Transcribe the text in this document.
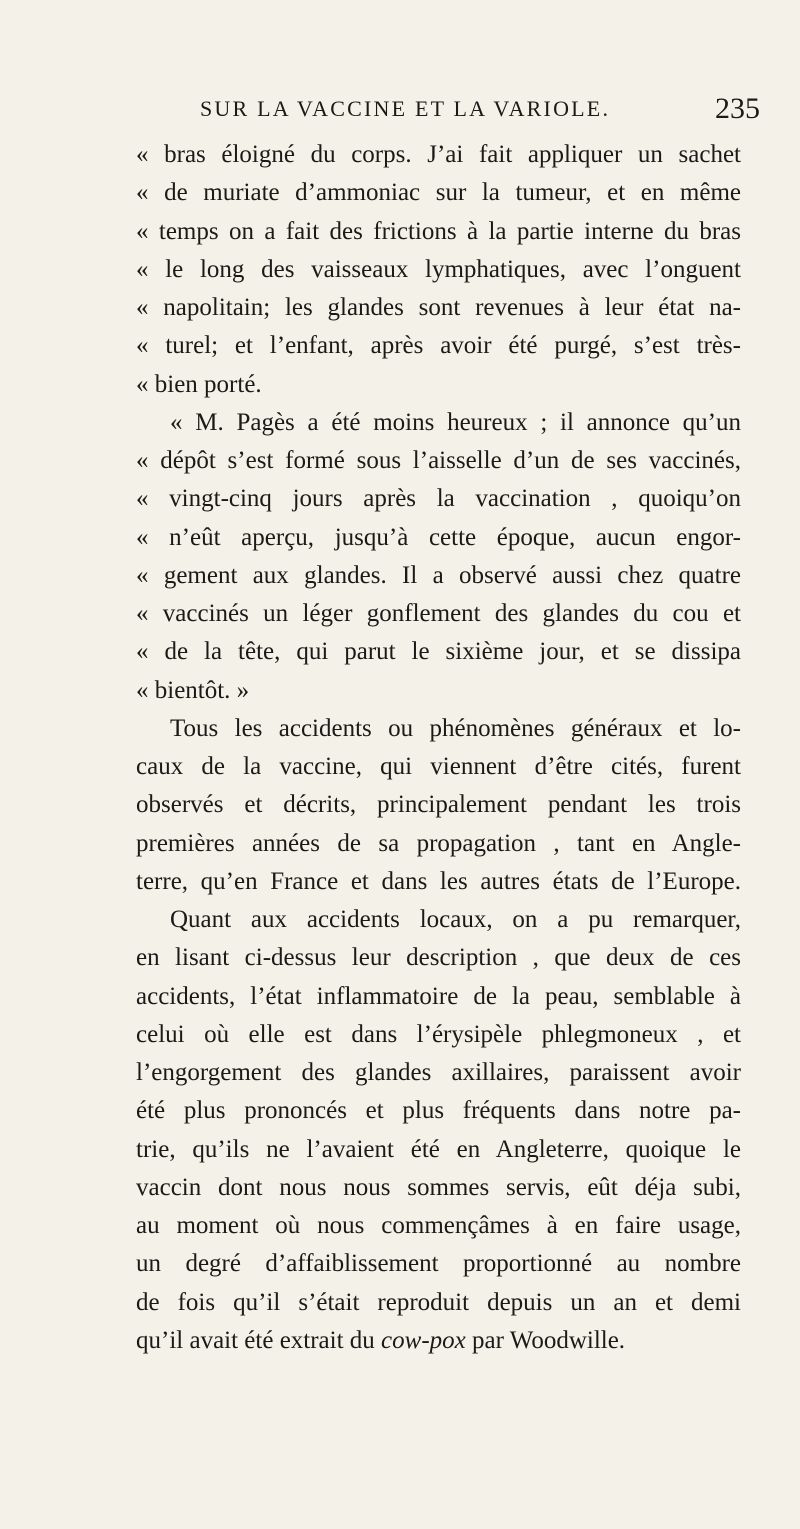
SUR LA VACCINE ET LA VARIOLE.	235
« bras éloigné du corps. J’ai fait appliquer un sachet
« de muriate d’ammoniac sur la tumeur, et en même
« temps on a fait des frictions à la partie interne du bras
« le long des vaisseaux lymphatiques, avec l’onguent
« napolitain; les glandes sont revenues à leur état na-
« turel; et l’enfant, après avoir été purgé, s’est très-
« bien porté.
« M. Pagès a été moins heureux ; il annonce qu’un
« dépôt s’est formé sous l’aisselle d’un de ses vaccinés,
« vingt-cinq jours après la vaccination , quoiqu’on
« n’eût aperçu, jusqu’à cette époque, aucun engor-
« gement aux glandes. Il a observé aussi chez quatre
« vaccinés un léger gonflement des glandes du cou et
« de la tête, qui parut le sixième jour, et se dissipa
« bientôt. »
Tous les accidents ou phénomènes généraux et lo-
caux de la vaccine, qui viennent d’être cités, furent
observés et décrits, principalement pendant les trois
premières années de sa propagation , tant en Angle-
terre, qu’en France et dans les autres états de l’Europe.
Quant aux accidents locaux, on a pu remarquer,
en lisant ci-dessus leur description , que deux de ces
accidents, l’état inflammatoire de la peau, semblable à
celui où elle est dans l’érysipèle phlegmoneux , et
l’engorgement des glandes axillaires, paraissent avoir
été plus prononcés et plus fréquents dans notre pa-
trie, qu’ils ne l’avaient été en Angleterre, quoique le
vaccin dont nous nous sommes servis, eût déja subi,
au moment où nous commençâmes à en faire usage,
un degré d’affaiblissement proportionné au nombre
de fois qu’il s’était reproduit depuis un an et demi
qu’il avait été extrait du cow-pox par Woodwille.
